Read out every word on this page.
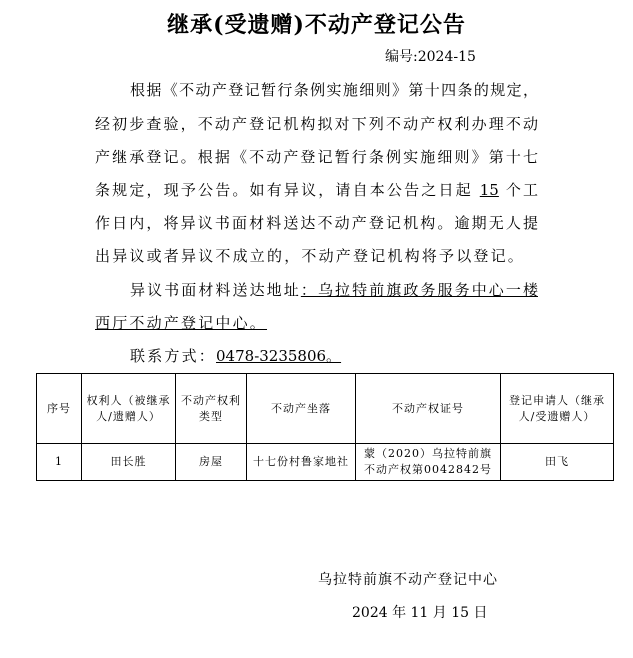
继承(受遗赠)不动产登记公告
编号:2024-15
根据《不动产登记暂行条例实施细则》第十四条的规定，
经初步查验，不动产登记机构拟对下列不动产权利办理不动
产继承登记。根据《不动产登记暂行条例实施细则》第十七
条规定，现予公告。如有异议，请自本公告之日起 15 个工
作日内，将异议书面材料送达不动产登记机构。逾期无人提
出异议或者异议不成立的，不动产登记机构将予以登记。
异议书面材料送达地址：乌拉特前旗政务服务中心一楼
西厅不动产登记中心。
联系方式：0478-3235806。
序号	权利人（被继承人/遗赠人）	不动产权利类型	不动产坐落	不动产权证号	登记申请人（继承人/受遗赠人）
1	田长胜	房屋	十七份村鲁家地社	蒙（2020）乌拉特前旗不动产权第0042842号	田飞
乌拉特前旗不动产登记中心
2024 年 11 月 15 日
